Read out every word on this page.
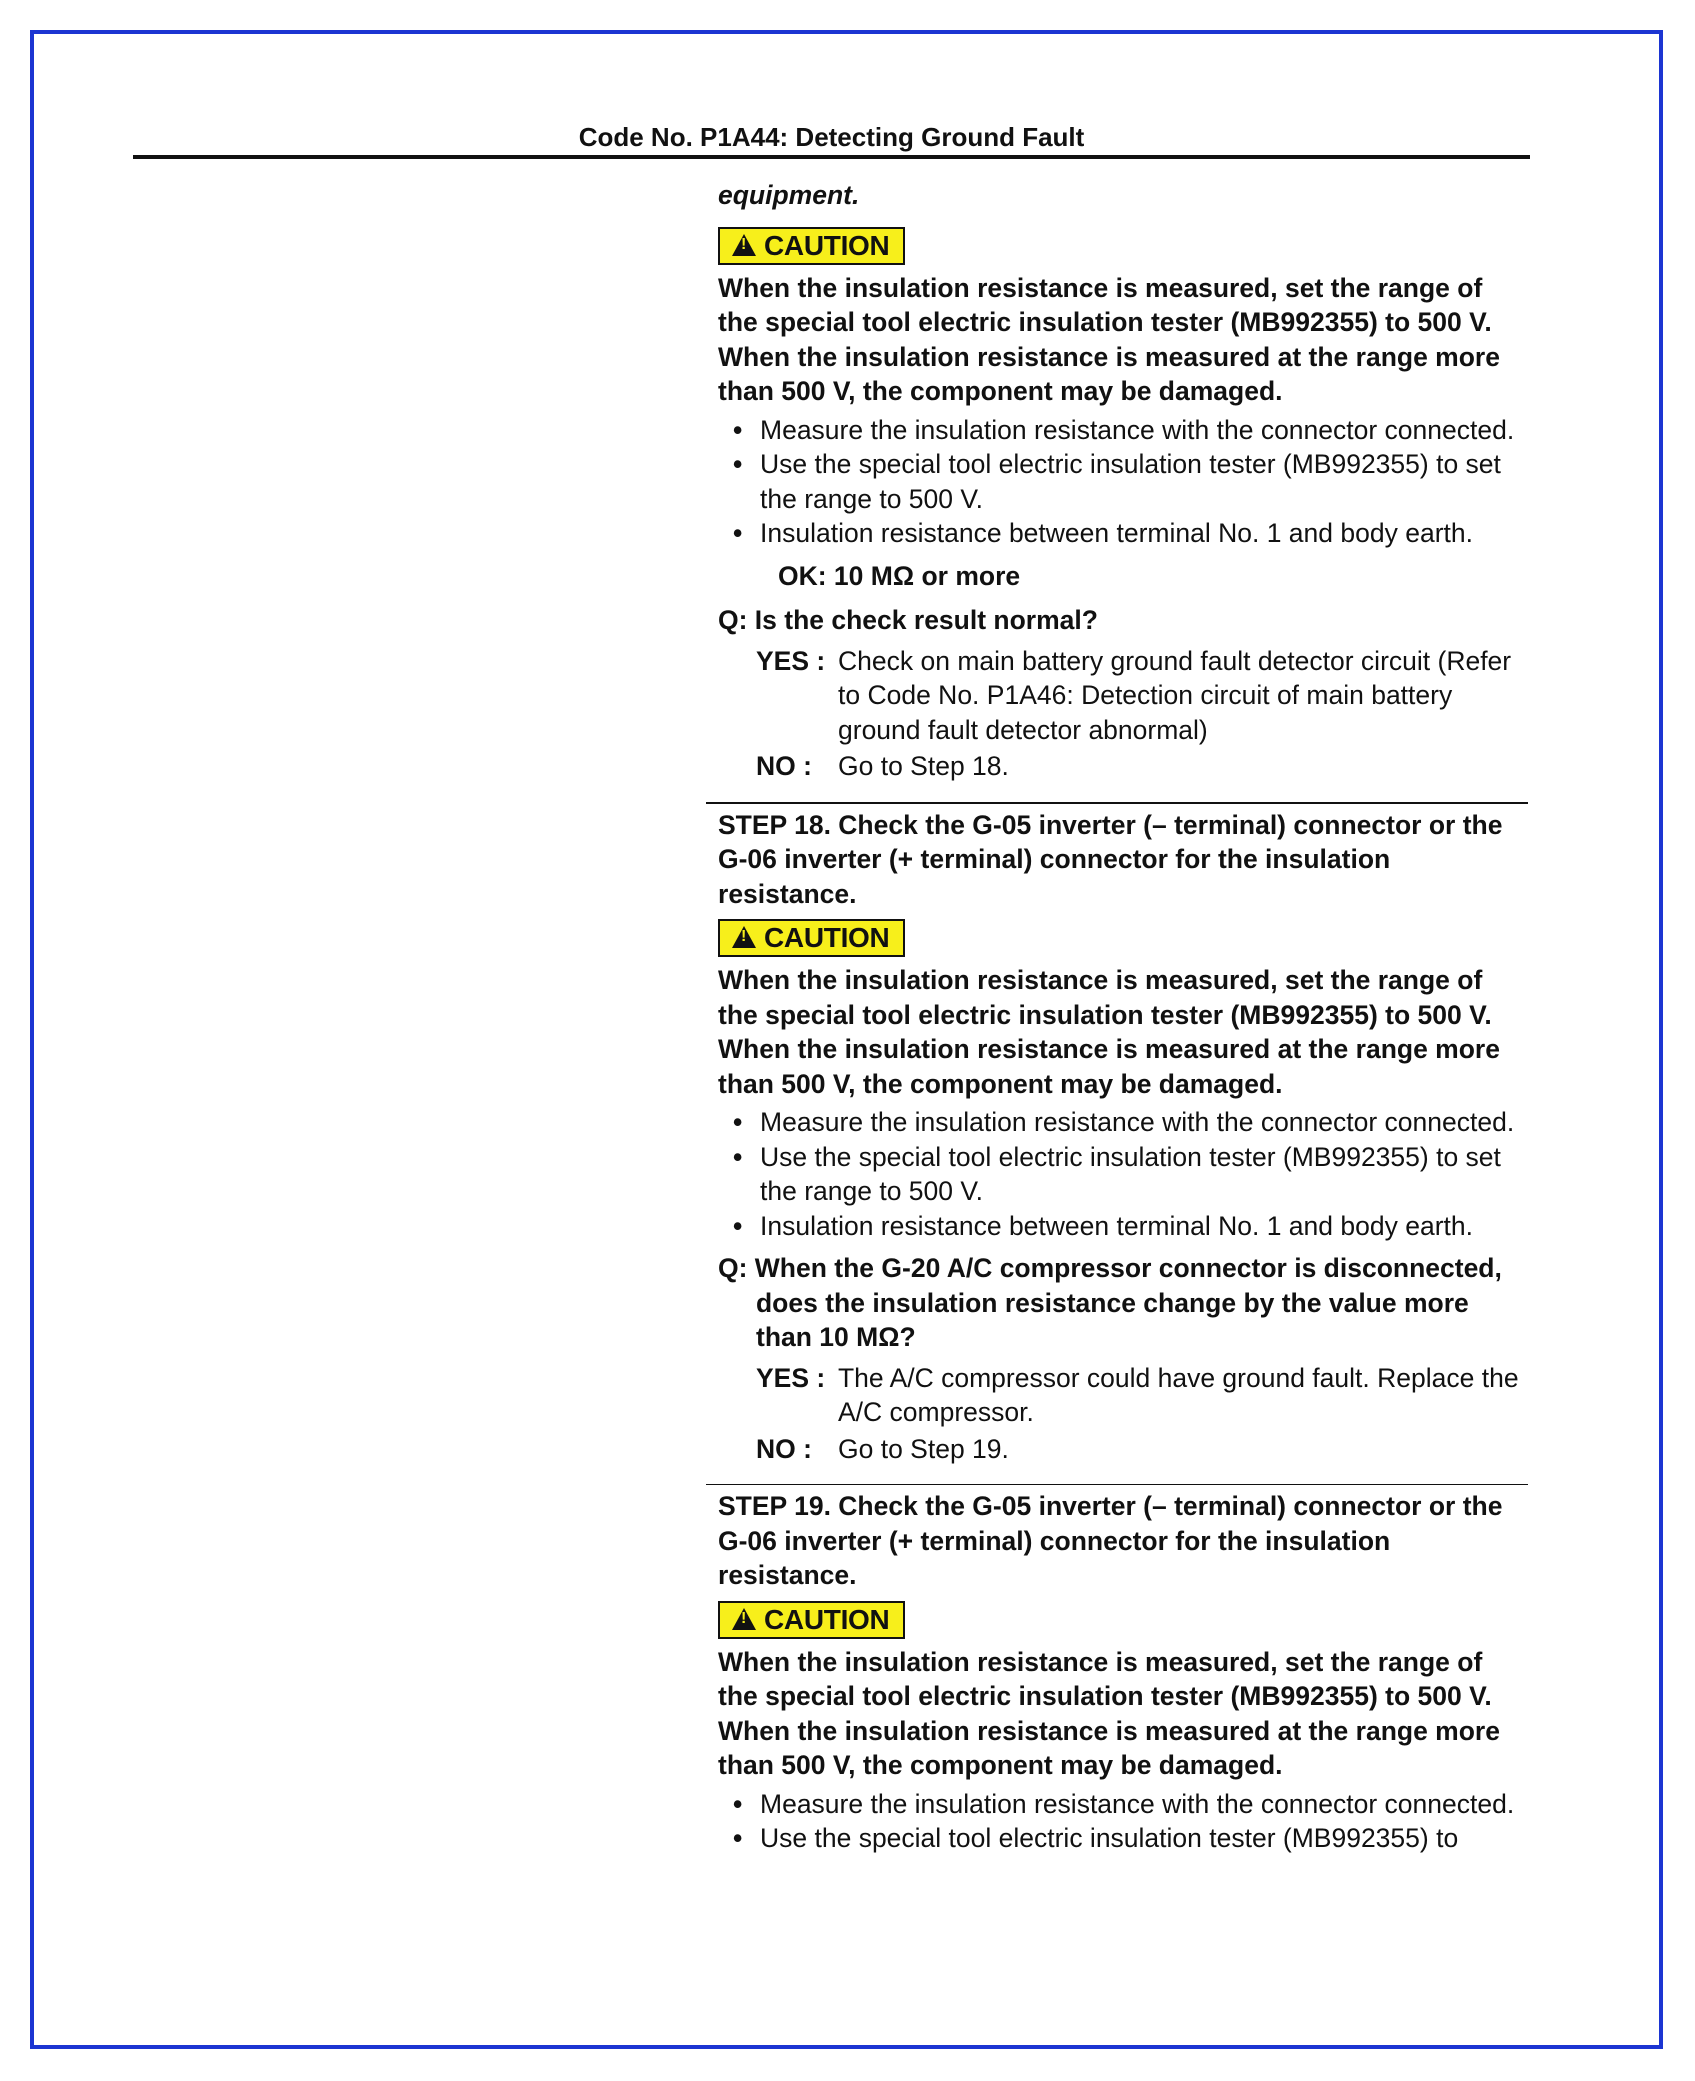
Code No. P1A44: Detecting Ground Fault
equipment.
!CAUTION
When the insulation resistance is measured, set the range of the special tool electric insulation tester (MB992355) to 500 V. When the insulation resistance is measured at the range more than 500 V, the component may be damaged.
• Measure the insulation resistance with the connector connected.
• Use the special tool electric insulation tester (MB992355) to set the range to 500 V.
• Insulation resistance between terminal No. 1 and body earth.
OK: 10 MΩ or more
Q: Is the check result normal?
YES : Check on main battery ground fault detector circuit (Refer to Code No. P1A46: Detection circuit of main battery ground fault detector abnormal)
NO : Go to Step 18.
STEP 18. Check the G-05 inverter (– terminal) connector or the G-06 inverter (+ terminal) connector for the insulation resistance.
!CAUTION
When the insulation resistance is measured, set the range of the special tool electric insulation tester (MB992355) to 500 V. When the insulation resistance is measured at the range more than 500 V, the component may be damaged.
• Measure the insulation resistance with the connector connected.
• Use the special tool electric insulation tester (MB992355) to set the range to 500 V.
• Insulation resistance between terminal No. 1 and body earth.
Q: When the G-20 A/C compressor connector is disconnected, does the insulation resistance change by the value more than 10 MΩ?
YES : The A/C compressor could have ground fault. Replace the A/C compressor.
NO : Go to Step 19.
STEP 19. Check the G-05 inverter (– terminal) connector or the G-06 inverter (+ terminal) connector for the insulation resistance.
!CAUTION
When the insulation resistance is measured, set the range of the special tool electric insulation tester (MB992355) to 500 V. When the insulation resistance is measured at the range more than 500 V, the component may be damaged.
• Measure the insulation resistance with the connector connected.
• Use the special tool electric insulation tester (MB992355) to
